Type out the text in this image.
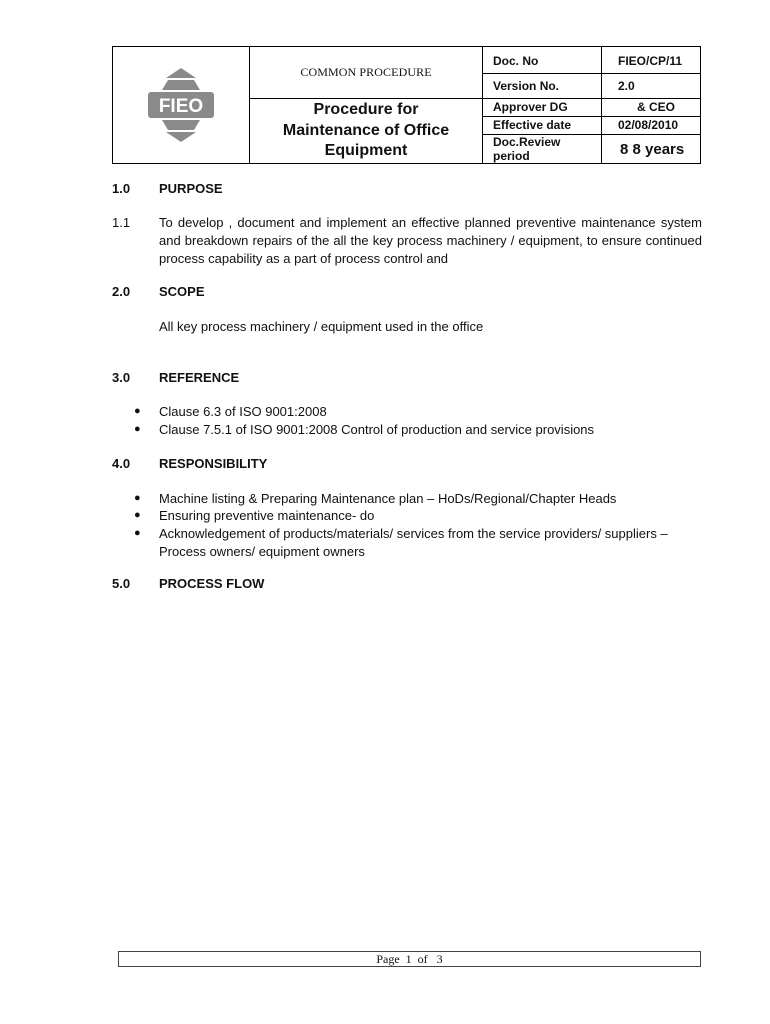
FIEO
COMMON PROCEDURE
Procedure for
Maintenance of Office
Equipment
Doc. No	FIEO/CP/11
Version No.	2.0
Approver DG	& CEO
Effective date	02/08/2010
Doc.Review
period	8 8 years
1.0 PURPOSE
1.1 To develop , document and implement an effective planned preventive maintenance system and breakdown repairs of the all the key process machinery / equipment, to ensure continued process capability as a part of process control and
2.0 SCOPE
All key process machinery / equipment used in the office
3.0 REFERENCE
● Clause 6.3 of ISO 9001:2008
● Clause 7.5.1 of ISO 9001:2008 Control of production and service provisions
4.0 RESPONSIBILITY
● Machine listing & Preparing Maintenance plan – HoDs/Regional/Chapter Heads
● Ensuring preventive maintenance- do
● Acknowledgement of products/materials/ services from the service providers/ suppliers – Process owners/ equipment owners
5.0 PROCESS FLOW
Page  1  of   3
